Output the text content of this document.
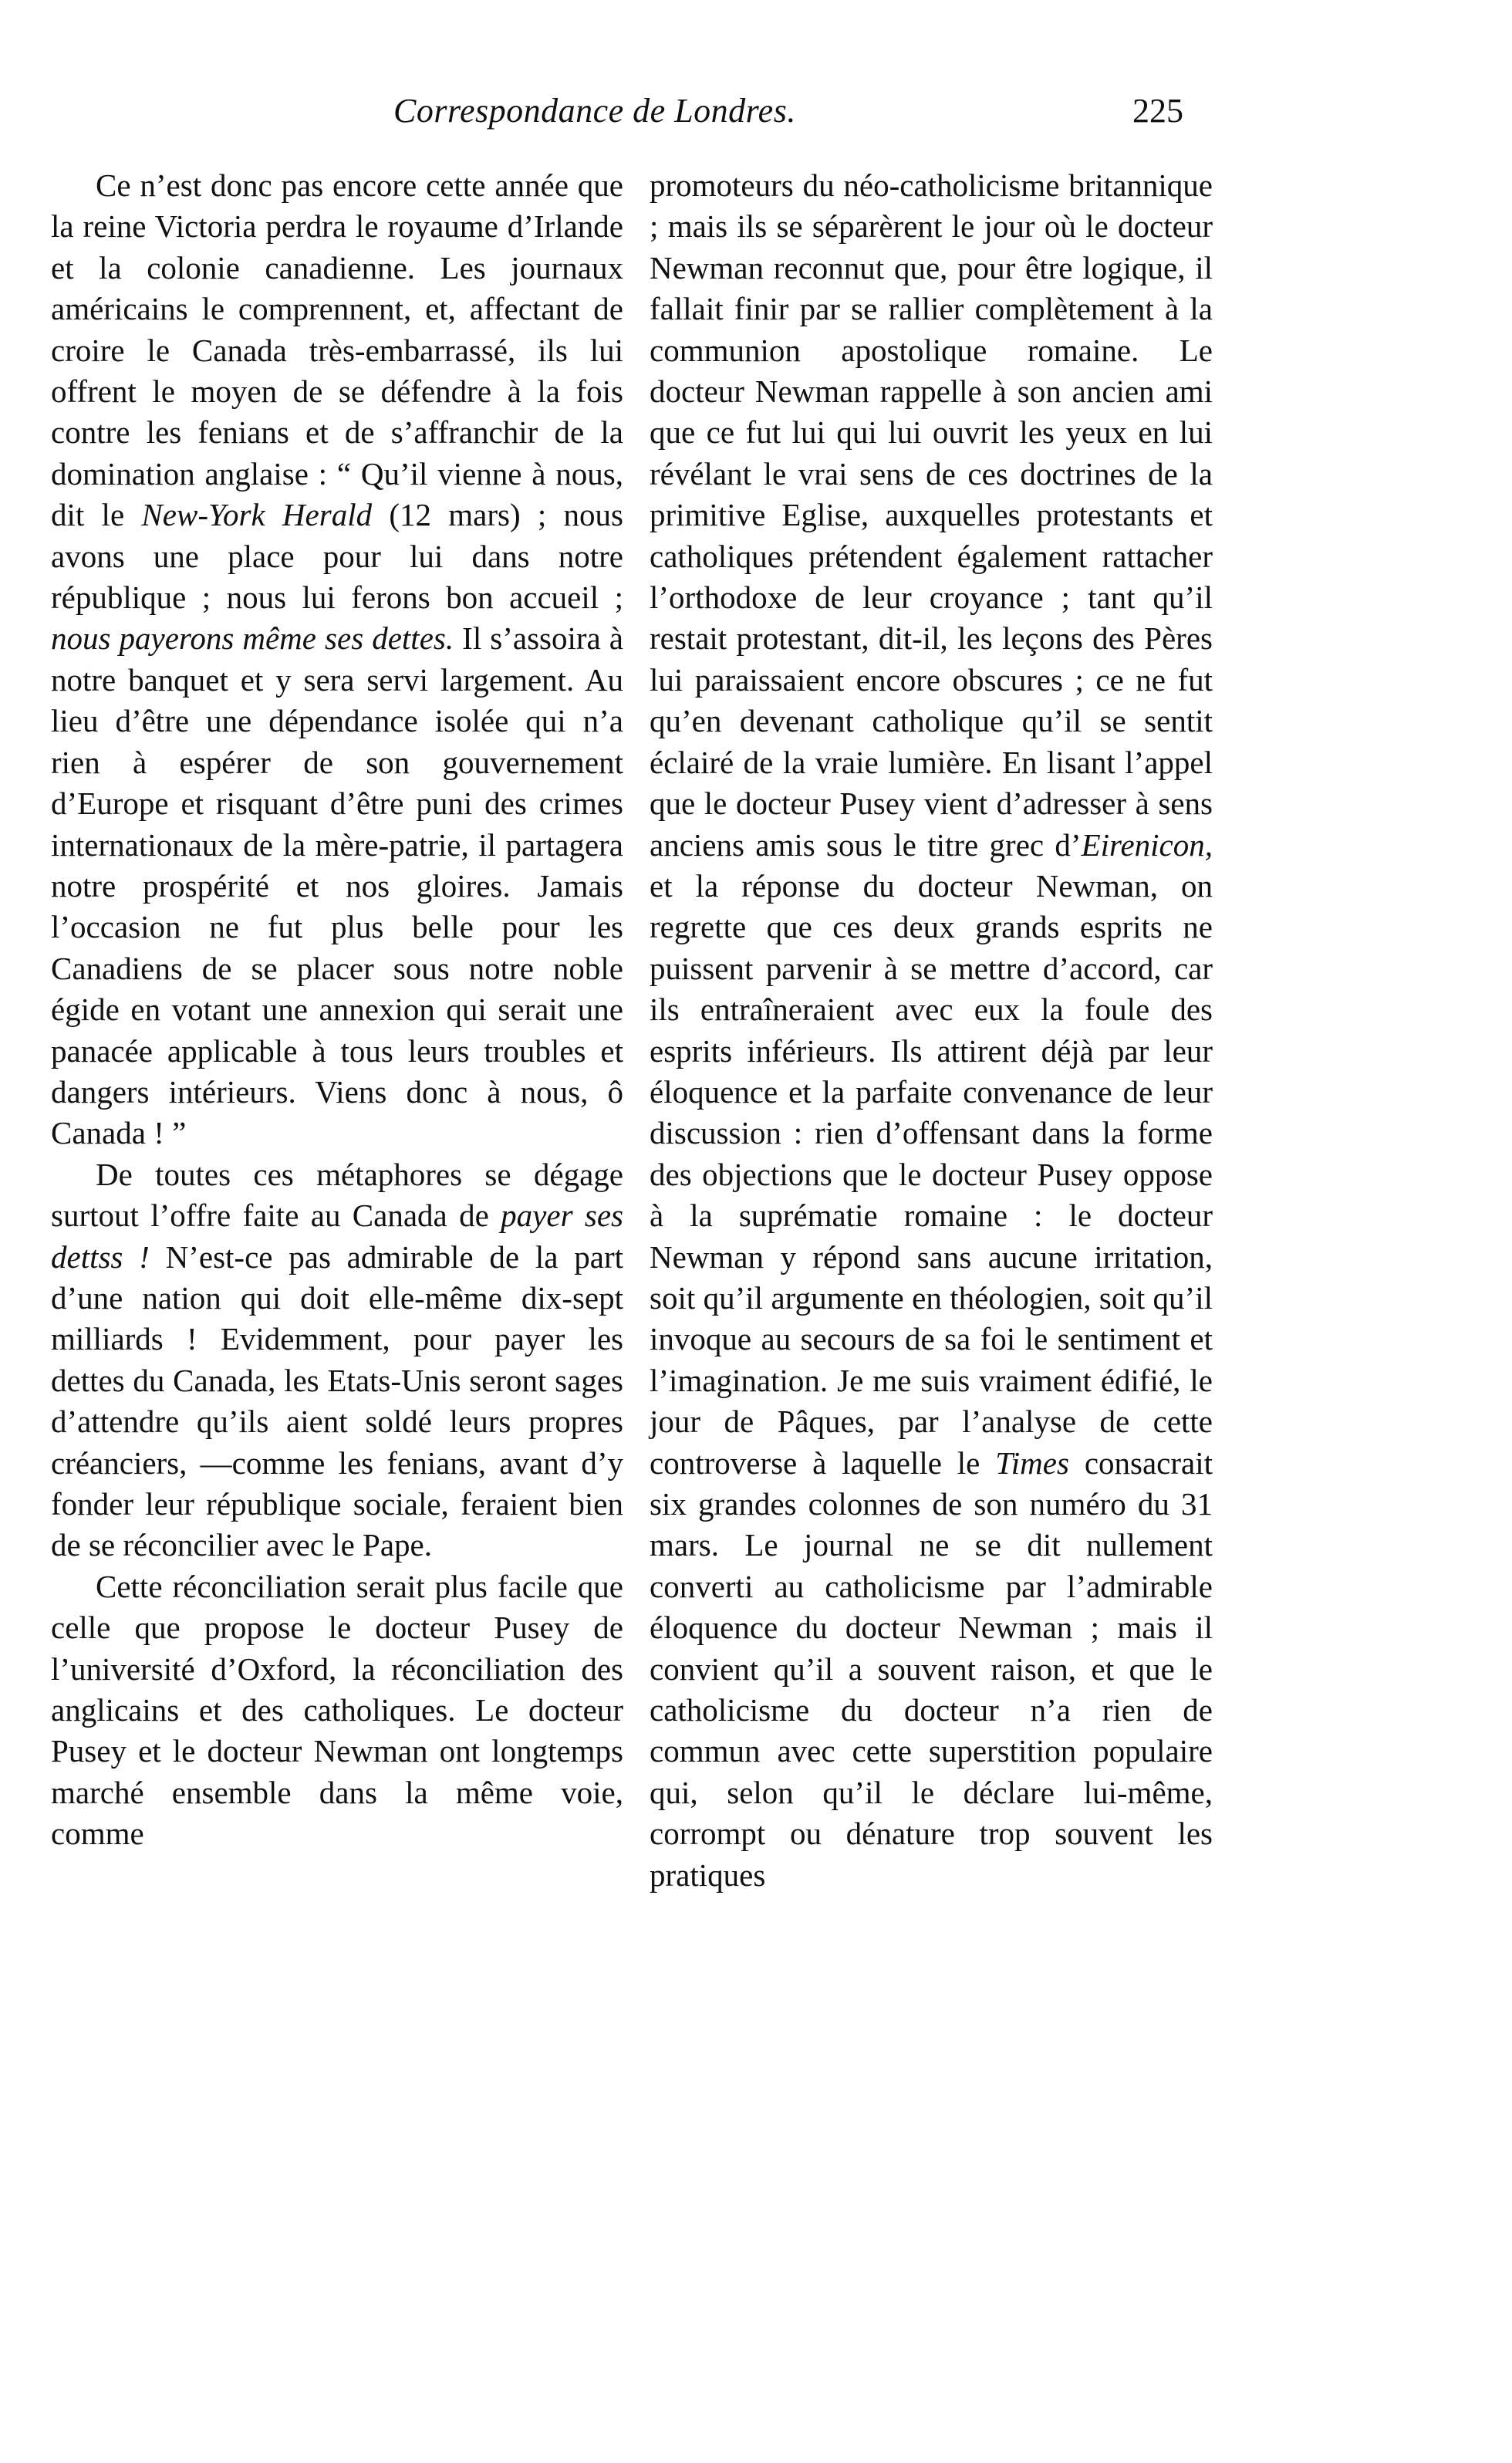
Correspondance de Londres.	225

Ce n’est donc pas encore cette année que la reine Victoria perdra le royaume d’Irlande et la colonie canadienne. Les journaux américains le comprennent, et, affectant de croire le Canada très-embarrassé, ils lui offrent le moyen de se défendre à la fois contre les fenians et de s’affranchir de la domination anglaise : “ Qu’il vienne à nous, dit le New-York Herald (12 mars) ; nous avons une place pour lui dans notre république ; nous lui ferons bon accueil ; nous payerons même ses dettes. Il s’assoira à notre banquet et y sera servi largement. Au lieu d’être une dépendance isolée qui n’a rien à espérer de son gouvernement d’Europe et risquant d’être puni des crimes internationaux de la mère-patrie, il partagera notre prospérité et nos gloires. Jamais l’occasion ne fut plus belle pour les Canadiens de se placer sous notre noble égide en votant une annexion qui serait une panacée applicable à tous leurs troubles et dangers intérieurs. Viens donc à nous, ô Canada ! ”

De toutes ces métaphores se dégage surtout l’offre faite au Canada de payer ses dettss ! N’est-ce pas admirable de la part d’une nation qui doit elle-même dix-sept milliards ! Evidemment, pour payer les dettes du Canada, les Etats-Unis seront sages d’attendre qu’ils aient soldé leurs propres créanciers, —comme les fenians, avant d’y fonder leur république sociale, feraient bien de se réconcilier avec le Pape.

Cette réconciliation serait plus facile que celle que propose le docteur Pusey de l’université d’Oxford, la réconciliation des anglicains et des catholiques. Le docteur Pusey et le docteur Newman ont longtemps marché ensemble dans la même voie, comme

promoteurs du néo-catholicisme britannique ; mais ils se séparèrent le jour où le docteur Newman reconnut que, pour être logique, il fallait finir par se rallier complètement à la communion apostolique romaine. Le docteur Newman rappelle à son ancien ami que ce fut lui qui lui ouvrit les yeux en lui révélant le vrai sens de ces doctrines de la primitive Eglise, auxquelles protestants et catholiques prétendent également rattacher l’orthodoxe de leur croyance ; tant qu’il restait protestant, dit-il, les leçons des Pères lui paraissaient encore obscures ; ce ne fut qu’en devenant catholique qu’il se sentit éclairé de la vraie lumière. En lisant l’appel que le docteur Pusey vient d’adresser à sens anciens amis sous le titre grec d’Eirenicon, et la réponse du docteur Newman, on regrette que ces deux grands esprits ne puissent parvenir à se mettre d’accord, car ils entraîneraient avec eux la foule des esprits inférieurs. Ils attirent déjà par leur éloquence et la parfaite convenance de leur discussion : rien d’offensant dans la forme des objections que le docteur Pusey oppose à la suprématie romaine : le docteur Newman y répond sans aucune irritation, soit qu’il argumente en théologien, soit qu’il invoque au secours de sa foi le sentiment et l’imagination. Je me suis vraiment édifié, le jour de Pâques, par l’analyse de cette controverse à laquelle le Times consacrait six grandes colonnes de son numéro du 31 mars. Le journal ne se dit nullement converti au catholicisme par l’admirable éloquence du docteur Newman ; mais il convient qu’il a souvent raison, et que le catholicisme du docteur n’a rien de commun avec cette superstition populaire qui, selon qu’il le déclare lui-même, corrompt ou dénature trop souvent les pratiques
